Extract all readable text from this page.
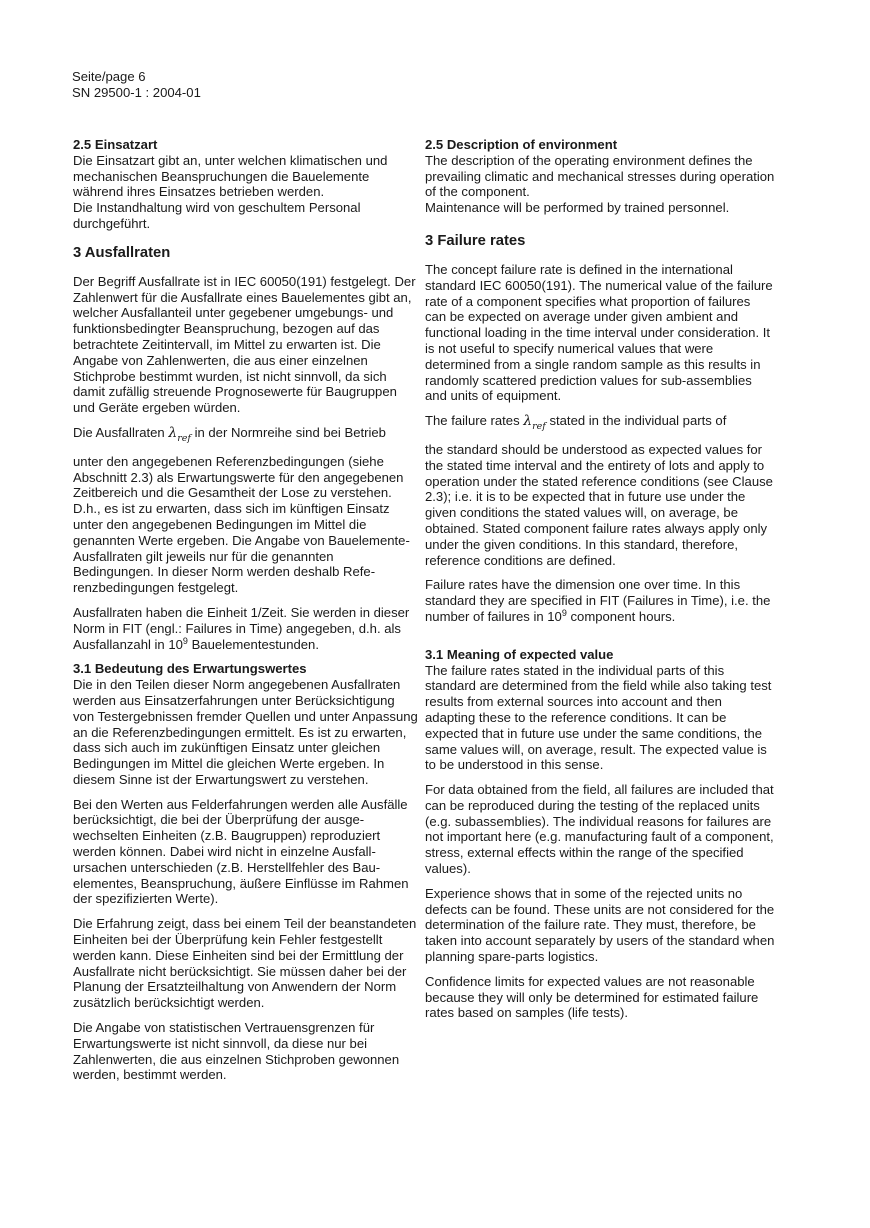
Seite/page 6
SN 29500-1 : 2004-01
2.5 Einsatzart

Die Einsatzart gibt an, unter welchen klimatischen und mechanischen Beanspruchungen die Bauelemente während ihres Einsatzes betrieben werden.

Die Instandhaltung wird von geschultem Personal durchgeführt.

3 Ausfallraten

Der Begriff Ausfallrate ist in IEC 60050(191) festgelegt. Der Zahlenwert für die Ausfallrate eines Bauelementes gibt an, welcher Ausfallanteil unter gegebener umgebungs- und funktionsbedingter Beanspruchung, bezogen auf das betrachtete Zeitintervall, im Mittel zu erwarten ist. Die Angabe von Zahlenwerten, die aus einer einzelnen Stichprobe bestimmt wurden, ist nicht sinnvoll, da sich damit zufällig streuende Prognosewerte für Baugruppen und Geräte ergeben würden.

Die Ausfallraten $\lambda_{ref}$ in der Normreihe sind bei Betrieb

unter den angegebenen Referenzbedingungen (siehe Abschnitt 2.3) als Erwartungswerte für den angegebenen Zeitbereich und die Gesamtheit der Lose zu verstehen. D.h., es ist zu erwarten, dass sich im künftigen Einsatz unter den angegebenen Bedingungen im Mittel die genannten Werte ergeben. Die Angabe von Bauelemente-Ausfallraten gilt jeweils nur für die genannten Bedingungen. In dieser Norm werden deshalb Referenzbedingungen festgelegt.

Ausfallraten haben die Einheit 1/Zeit. Sie werden in dieser Norm in FIT (engl.: Failures in Time) angegeben, d.h. als Ausfallanzahl in $10^9$ Bauelementestunden.

3.1 Bedeutung des Erwartungswertes

Die in den Teilen dieser Norm angegebenen Ausfallraten werden aus Einsatzerfahrungen unter Berücksichtigung von Testergebnissen fremder Quellen und unter Anpassung an die Referenzbedingungen ermittelt. Es ist zu erwarten, dass sich auch im zukünftigen Einsatz unter gleichen Bedingungen im Mittel die gleichen Werte ergeben. In diesem Sinne ist der Erwartungswert zu verstehen.

Bei den Werten aus Felderfahrungen werden alle Ausfälle berücksichtigt, die bei der Überprüfung der ausgewechselten Einheiten (z.B. Baugruppen) reproduziert werden können. Dabei wird nicht in einzelne Ausfallursachen unterschieden (z.B. Herstellfehler des Bauelementes, Beanspruchung, äußere Einflüsse im Rahmen der spezifizierten Werte).

Die Erfahrung zeigt, dass bei einem Teil der beanstandeten Einheiten bei der Überprüfung kein Fehler festgestellt werden kann. Diese Einheiten sind bei der Ermittlung der Ausfallrate nicht berücksichtigt. Sie müssen daher bei der Planung der Ersatzteilhaltung von Anwendern der Norm zusätzlich berücksichtigt werden.

Die Angabe von statistischen Vertrauensgrenzen für Erwartungswerte ist nicht sinnvoll, da diese nur bei Zahlenwerten, die aus einzelnen Stichproben gewonnen werden, bestimmt werden.

2.5 Description of environment

The description of the operating environment defines the prevailing climatic and mechanical stresses during operation of the component.

Maintenance will be performed by trained personnel.

3 Failure rates

The concept failure rate is defined in the international standard IEC 60050(191). The numerical value of the failure rate of a component specifies what proportion of failures can be expected on average under given ambient and functional loading in the time interval under consideration. It is not useful to specify numerical values that were determined from a single random sample as this results in randomly scattered prediction values for sub-assemblies and units of equipment.

The failure rates $\lambda_{ref}$ stated in the individual parts of

the standard should be understood as expected values for the stated time interval and the entirety of lots and apply to operation under the stated reference conditions (see Clause 2.3); i.e. it is to be expected that in future use under the given conditions the stated values will, on average, be obtained. Stated component failure rates always apply only under the given conditions. In this standard, therefore, reference conditions are defined.

Failure rates have the dimension one over time. In this standard they are specified in FIT (Failures in Time), i.e. the number of failures in $10^9$ component hours.

3.1 Meaning of expected value

The failure rates stated in the individual parts of this standard are determined from the field while also taking test results from external sources into account and then adapting these to the reference conditions. It can be expected that in future use under the same conditions, the same values will, on average, result. The expected value is to be understood in this sense.

For data obtained from the field, all failures are included that can be reproduced during the testing of the replaced units (e.g. subassemblies). The individual reasons for failures are not important here (e.g. manufacturing fault of a component, stress, external effects within the range of the specified values).

Experience shows that in some of the rejected units no defects can be found. These units are not considered for the determination of the failure rate. They must, therefore, be taken into account separately by users of the standard when planning spare-parts logistics.

Confidence limits for expected values are not reasonable because they will only be determined for estimated failure rates based on samples (life tests).
